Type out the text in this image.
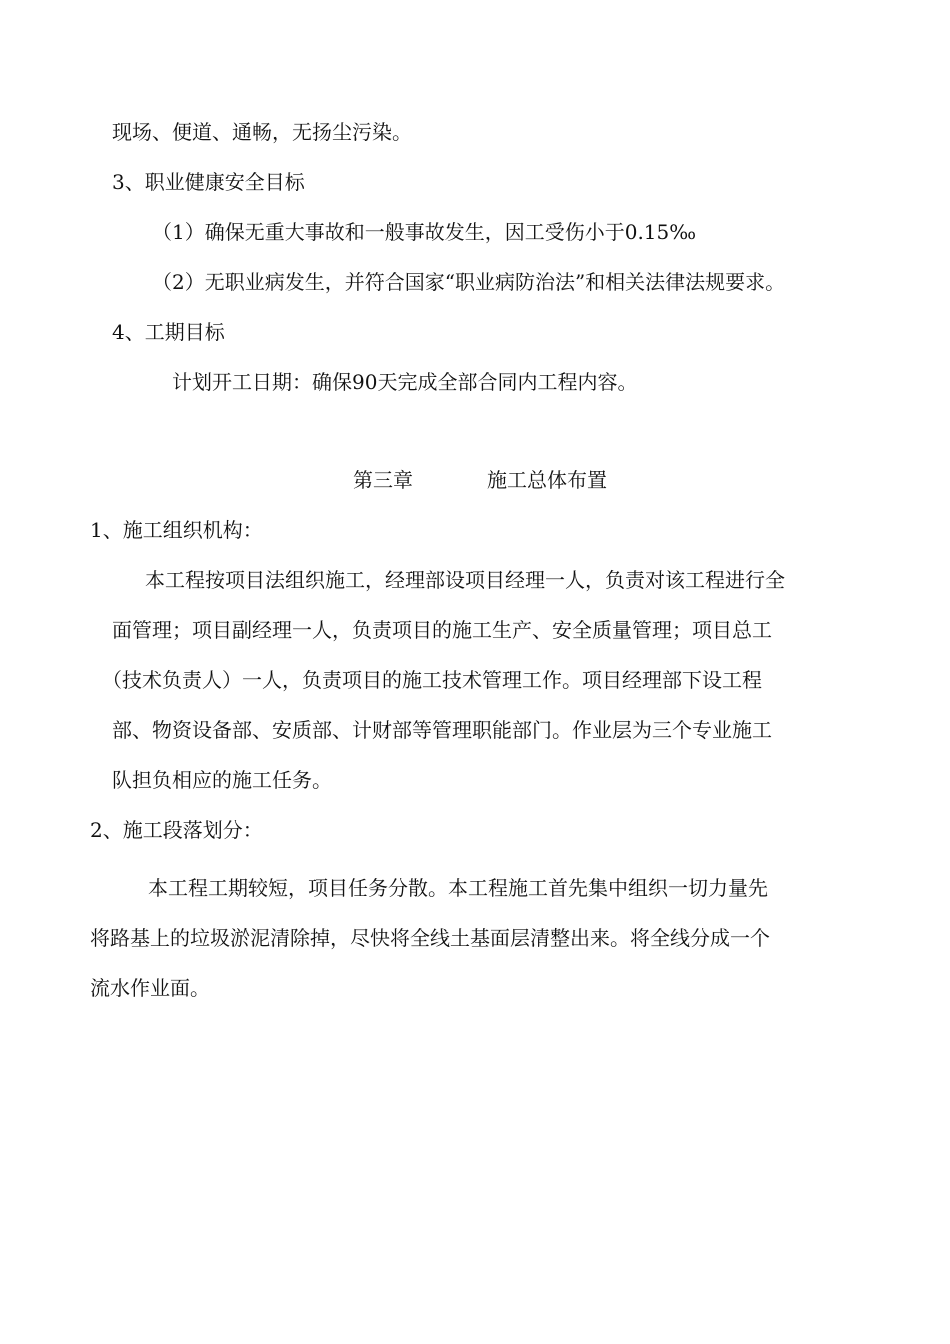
现场、便道、通畅，无扬尘污染。
3、职业健康安全目标
（1）确保无重大事故和一般事故发生，因工受伤小于0.15‰
（2）无职业病发生，并符合国家“职业病防治法”和相关法律法规要求。
4、工期目标
计划开工日期：确保90天完成全部合同内工程内容。
第三章	施工总体布置
1、施工组织机构：
本工程按项目法组织施工，经理部设项目经理一人，负责对该工程进行全
面管理；项目副经理一人，负责项目的施工生产、安全质量管理；项目总工
（技术负责人）一人，负责项目的施工技术管理工作。项目经理部下设工程
部、物资设备部、安质部、计财部等管理职能部门。作业层为三个专业施工
队担负相应的施工任务。
2、施工段落划分：
本工程工期较短，项目任务分散。本工程施工首先集中组织一切力量先
将路基上的垃圾淤泥清除掉，尽快将全线土基面层清整出来。将全线分成一个
流水作业面。
